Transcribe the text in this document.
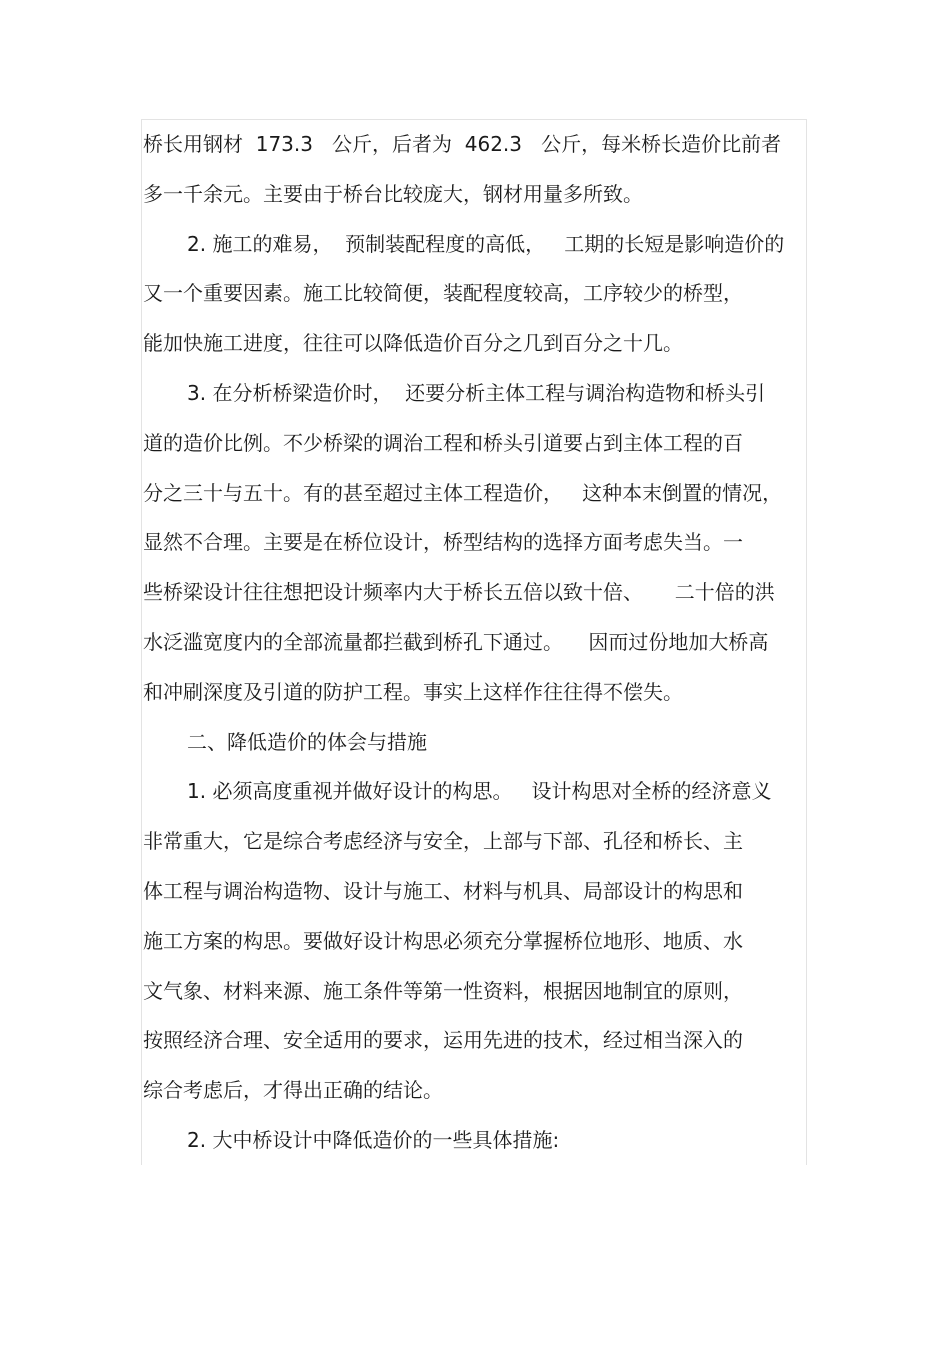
桥长用钢材  173.3   公斤，后者为  462.3   公斤，每米桥长造价比前者
多一千余元。主要由于桥台比较庞大，钢材用量多所致。
2. 施工的难易，  预制装配程度的高低，   工期的长短是影响造价的
又一个重要因素。施工比较简便，装配程度较高，工序较少的桥型，
能加快施工进度，往往可以降低造价百分之几到百分之十几。
3. 在分析桥梁造价时，  还要分析主体工程与调治构造物和桥头引
道的造价比例。不少桥梁的调治工程和桥头引道要占到主体工程的百
分之三十与五十。有的甚至超过主体工程造价，   这种本末倒置的情况，
显然不合理。主要是在桥位设计，桥型结构的选择方面考虑失当。一
些桥梁设计往往想把设计频率内大于桥长五倍以致十倍、     二十倍的洪
水泛滥宽度内的全部流量都拦截到桥孔下通过。    因而过份地加大桥高
和冲刷深度及引道的防护工程。事实上这样作往往得不偿失。
二、降低造价的体会与措施
1. 必须高度重视并做好设计的构思。   设计构思对全桥的经济意义
非常重大，它是综合考虑经济与安全，上部与下部、孔径和桥长、主
体工程与调治构造物、设计与施工、材料与机具、局部设计的构思和
施工方案的构思。要做好设计构思必须充分掌握桥位地形、地质、水
文气象、材料来源、施工条件等第一性资料，根据因地制宜的原则，
按照经济合理、安全适用的要求，运用先进的技术，经过相当深入的
综合考虑后，才得出正确的结论。
2. 大中桥设计中降低造价的一些具体措施:
